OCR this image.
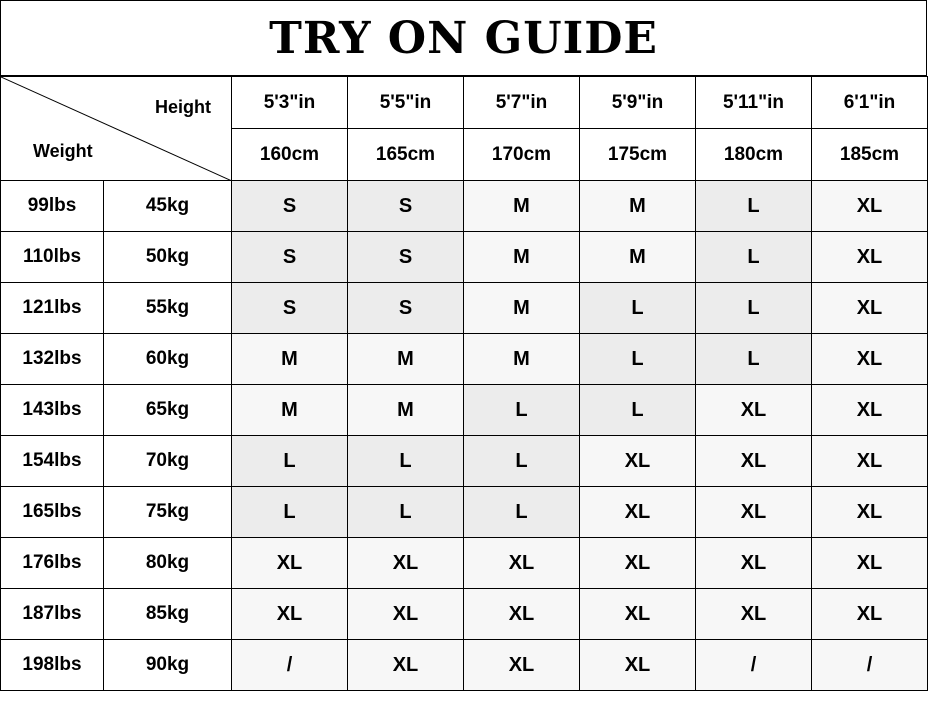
TRY ON GUIDE
Height
Weight		5'3"in	5'5"in	5'7"in	5'9"in	5'11"in	6'1"in
		160cm	165cm	170cm	175cm	180cm	185cm
99lbs	45kg	S	S	M	M	L	XL
110lbs	50kg	S	S	M	M	L	XL
121lbs	55kg	S	S	M	L	L	XL
132lbs	60kg	M	M	M	L	L	XL
143lbs	65kg	M	M	L	L	XL	XL
154lbs	70kg	L	L	L	XL	XL	XL
165lbs	75kg	L	L	L	XL	XL	XL
176lbs	80kg	XL	XL	XL	XL	XL	XL
187lbs	85kg	XL	XL	XL	XL	XL	XL
198lbs	90kg	/	XL	XL	XL	/	/
